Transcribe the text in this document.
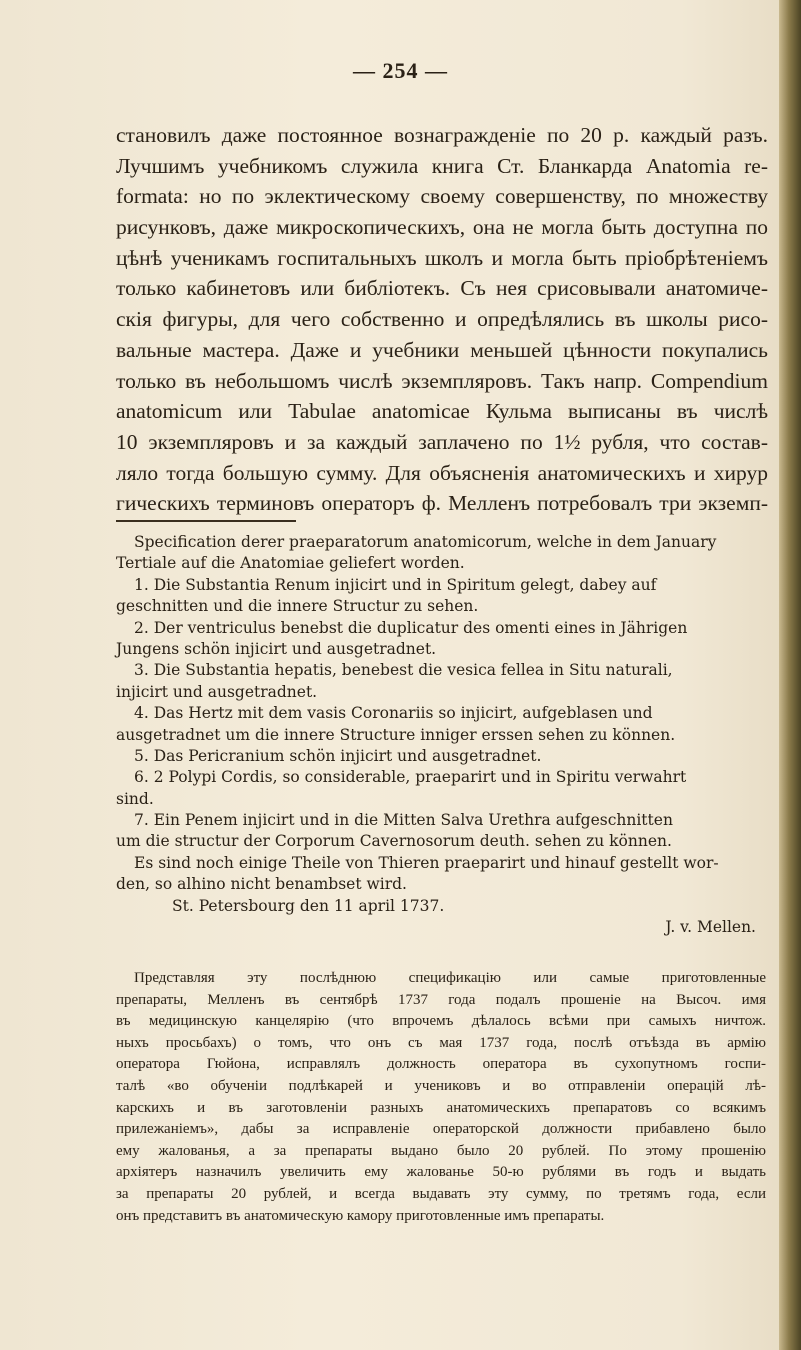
— 254 —
становилъ даже постоянное вознагражденіе по 20 р. каждый разъ.
Лучшимъ учебникомъ служила книга Ст. Бланкарда Anatomia re-
formata: но по эклектическому своему совершенству, по множеству
рисунковъ, даже микроскопическихъ, она не могла быть доступна по
цѣнѣ ученикамъ госпитальныхъ школъ и могла быть пріобрѣтеніемъ
только кабинетовъ или библіотекъ. Съ нея срисовывали анатомиче-
скія фигуры, для чего собственно и опредѣлялись въ школы рисо-
вальные мастера. Даже и учебники меньшей цѣнности покупались
только въ небольшомъ числѣ экземпляровъ. Такъ напр. Compendium
anatomicum или Tabulae anatomicae Кульма выписаны въ числѣ
10 экземпляровъ и за каждый заплачено по 1½ рубля, что состав-
ляло тогда большую сумму. Для объясненія анатомическихъ и хирур
гическихъ терминовъ операторъ ф. Мелленъ потребовалъ три экземп-
Specification derer praeparatorum anatomicorum, welche in dem January
Tertiale auf die Anatomiae geliefert worden.
1. Die Substantia Renum injicirt und in Spiritum gelegt, dabey auf
geschnitten und die innere Structur zu sehen.
2. Der ventriculus benebst die duplicatur des omenti eines in Jährigen
Jungens schön injicirt und ausgetradnet.
3. Die Substantia hepatis, benebest die vesica fellea in Situ naturali,
injicirt und ausgetradnet.
4. Das Hertz mit dem vasis Coronariis so injicirt, aufgeblasen und
ausgetradnet um die innere Structure inniger erssen sehen zu können.
5. Das Pericranium schön injicirt und ausgetradnet.
6. 2 Polypi Cordis, so considerable, praeparirt und in Spiritu verwahrt
sind.
7. Ein Penem injicirt und in die Mitten Salva Urethra aufgeschnitten
um die structur der Corporum Cavernosorum deuth. sehen zu können.
Es sind noch einige Theile von Thieren praeparirt und hinauf gestellt wor-
den, so alhino nicht benambset wird.
St. Petersbourg den 11 april 1737.
J. v. Mellen.
Представляя эту послѣднюю спецификацію или самые приготовленные
препараты, Мелленъ въ сентябрѣ 1737 года подалъ прошеніе на Высоч. имя
въ медицинскую канцелярію (что впрочемъ дѣлалось всѣми при самыхъ ничтож.
ныхъ просьбахъ) о томъ, что онъ съ мая 1737 года, послѣ отъѣзда въ армію
оператора Гюйона, исправлялъ должность оператора въ сухопутномъ госпи-
талѣ «во обученіи подлѣкарей и учениковъ и во отправленіи операцій лѣ-
карскихъ и въ заготовленіи разныхъ анатомическихъ препаратовъ со всякимъ
прилежаніемъ», дабы за исправленіе операторской должности прибавлено было
ему жалованья, а за препараты выдано было 20 рублей. По этому прошенію
архіятеръ назначилъ увеличить ему жалованье 50-ю рублями въ годъ и выдать
за препараты 20 рублей, и всегда выдавать эту сумму, по третямъ года, если
онъ представитъ въ анатомическую камору приготовленные имъ препараты.
